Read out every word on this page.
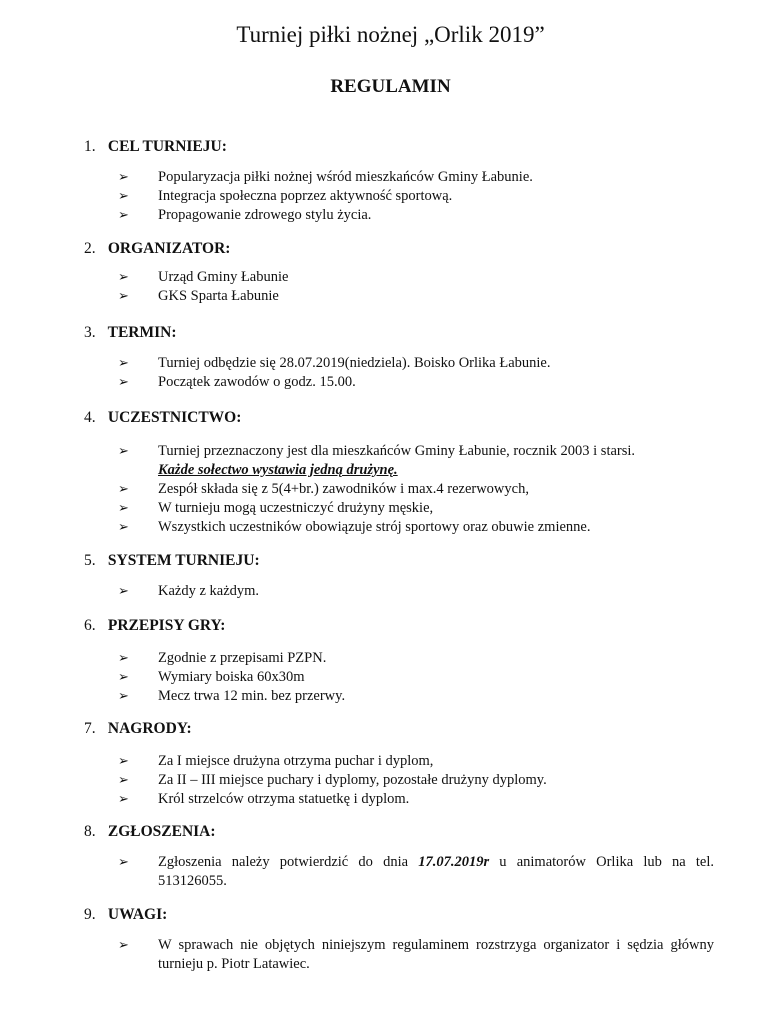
Turniej piłki nożnej „Orlik 2019”
REGULAMIN
1. CEL TURNIEJU:
➢ Popularyzacja piłki nożnej wśród mieszkańców Gminy Łabunie.
➢ Integracja społeczna poprzez aktywność sportową.
➢ Propagowanie zdrowego stylu życia.
2. ORGANIZATOR:
➢ Urząd Gminy Łabunie
➢ GKS Sparta Łabunie
3. TERMIN:
➢ Turniej odbędzie się 28.07.2019(niedziela). Boisko Orlika Łabunie.
➢ Początek zawodów o godz. 15.00.
4. UCZESTNICTWO:
➢ Turniej przeznaczony jest dla mieszkańców Gminy Łabunie, rocznik 2003 i starsi.
Każde sołectwo wystawia jedną drużynę.
➢ Zespół składa się z 5(4+br.) zawodników i max.4 rezerwowych,
➢ W turnieju mogą uczestniczyć drużyny męskie,
➢ Wszystkich uczestników obowiązuje strój sportowy oraz obuwie zmienne.
5. SYSTEM TURNIEJU:
➢ Każdy z każdym.
6. PRZEPISY GRY:
➢ Zgodnie z przepisami PZPN.
➢ Wymiary boiska 60x30m
➢ Mecz trwa 12 min. bez przerwy.
7. NAGRODY:
➢ Za I miejsce drużyna otrzyma puchar i dyplom,
➢ Za II – III miejsce puchary i dyplomy, pozostałe drużyny dyplomy.
➢ Król strzelców otrzyma statuetkę i dyplom.
8. ZGŁOSZENIA:
➢ Zgłoszenia należy potwierdzić do dnia 17.07.2019r u animatorów Orlika lub na tel. 513126055.
9. UWAGI:
➢ W sprawach nie objętych niniejszym regulaminem rozstrzyga organizator i sędzia główny turnieju p. Piotr Latawiec.
